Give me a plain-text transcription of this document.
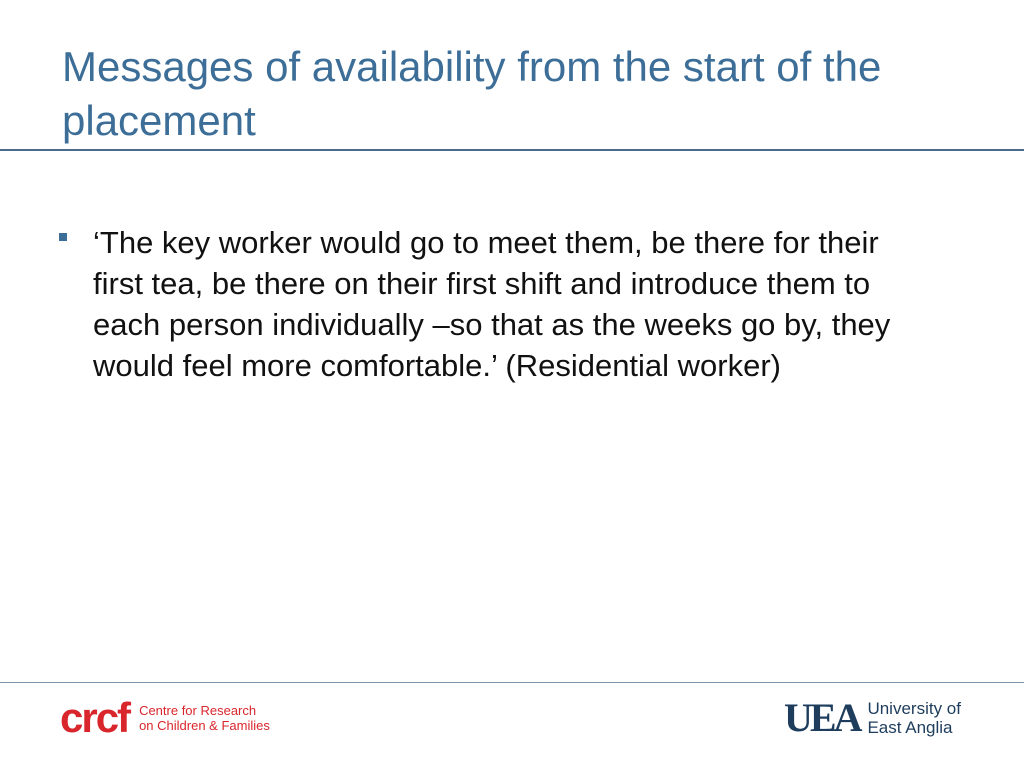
Messages of availability from the start of the placement
‘The key worker would go to meet them, be there for their first tea, be there on their first shift and introduce them to each person individually –so that as the weeks go by, they would feel more comfortable.’ (Residential worker)
crcf Centre for Research
on Children & Families	UEA University of
East Anglia
